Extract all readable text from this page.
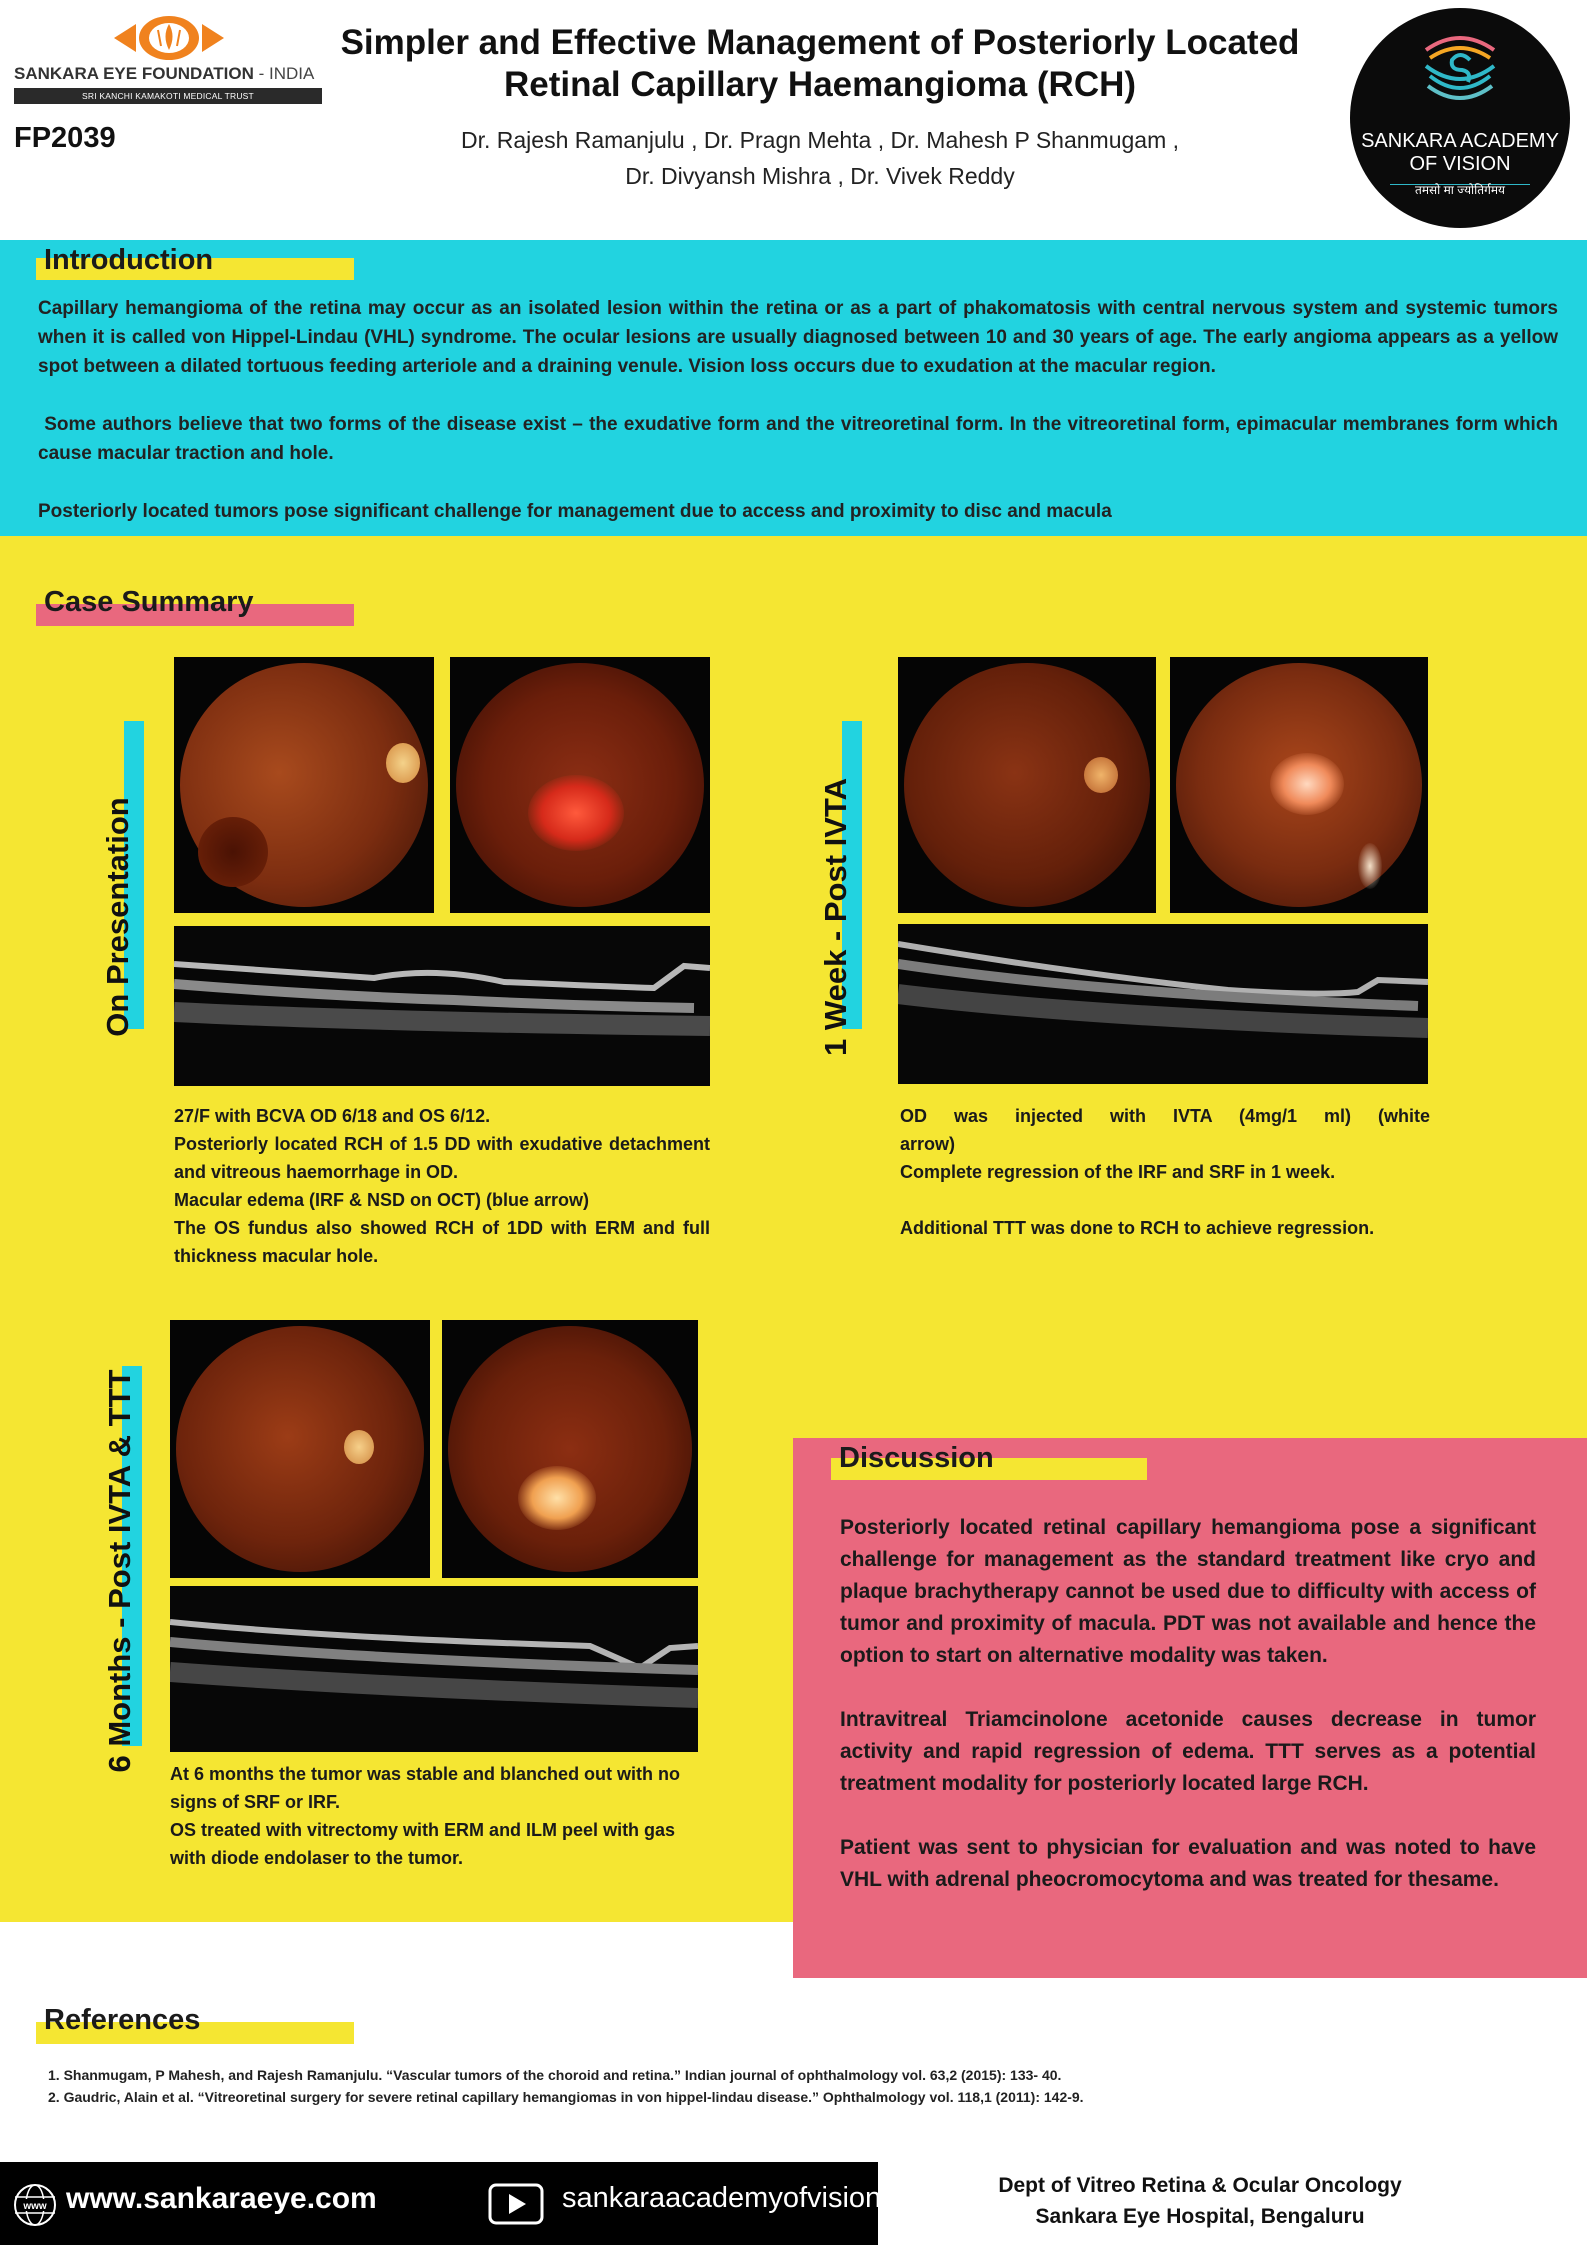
SANKARA EYE FOUNDATION - INDIA
SRI KANCHI KAMAKOTI MEDICAL TRUST
FP2039
Simpler and Effective Management of Posteriorly Located
Retinal Capillary Haemangioma (RCH)
Dr. Rajesh Ramanjulu , Dr. Pragn Mehta , Dr. Mahesh P Shanmugam ,
Dr. Divyansh Mishra , Dr. Vivek Reddy
SANKARA ACADEMY
OF VISION
तमसो मा ज्योतिर्गमय
Introduction

Capillary hemangioma of the retina may occur as an isolated lesion within the retina or as a part of phakomatosis with central nervous system and systemic tumors when it is called von Hippel-Lindau (VHL) syndrome. The ocular lesions are usually diagnosed between 10 and 30 years of age. The early angioma appears as a yellow spot between a dilated tortuous feeding arteriole and a draining venule. Vision loss occurs due to exudation at the macular region.

Some authors believe that two forms of the disease exist – the exudative form and the vitreoretinal form. In the vitreoretinal form, epimacular membranes form which cause macular traction and hole.

Posteriorly located tumors pose significant challenge for management due to access and proximity to disc and macula

Case Summary
On Presentation
27/F with BCVA OD 6/18 and OS 6/12.
Posteriorly located RCH of 1.5 DD with exudative detachment and vitreous haemorrhage in OD.
Macular edema (IRF & NSD on OCT) (blue arrow)
The OS fundus also showed RCH of 1DD with ERM and full thickness macular hole.
1 Week - Post IVTA
OD was injected with IVTA (4mg/1 ml) (white arrow)
Complete regression of the IRF and SRF in 1 week.
Additional TTT was done to RCH to achieve regression.
6 Months - Post IVTA & TTT
At 6 months the tumor was stable and blanched out with no signs of SRF or IRF.
OS treated with vitrectomy with ERM and ILM peel with gas with diode endolaser to the tumor.
Discussion

Posteriorly located retinal capillary hemangioma pose a significant challenge for management as the standard treatment like cryo and plaque brachytherapy cannot be used due to difficulty with access of tumor and proximity of macula. PDT was not available and hence the option to start on alternative modality was taken.

Intravitreal Triamcinolone acetonide causes decrease in tumor activity and rapid regression of edema. TTT serves as a potential treatment modality for posteriorly located large RCH.

Patient was sent to physician for evaluation and was noted to have VHL with adrenal pheocromocytoma and was treated for thesame.

References
1. Shanmugam, P Mahesh, and Rajesh Ramanjulu. “Vascular tumors of the choroid and retina.” Indian journal of ophthalmology vol. 63,2 (2015): 133- 40.
2. Gaudric, Alain et al. “Vitreoretinal surgery for severe retinal capillary hemangiomas in von hippel-lindau disease.” Ophthalmology vol. 118,1 (2011): 142-9.
www www.sankaraeye.com	sankaraacademyofvision	Dept of Vitreo Retina & Ocular Oncology
Sankara Eye Hospital, Bengaluru
